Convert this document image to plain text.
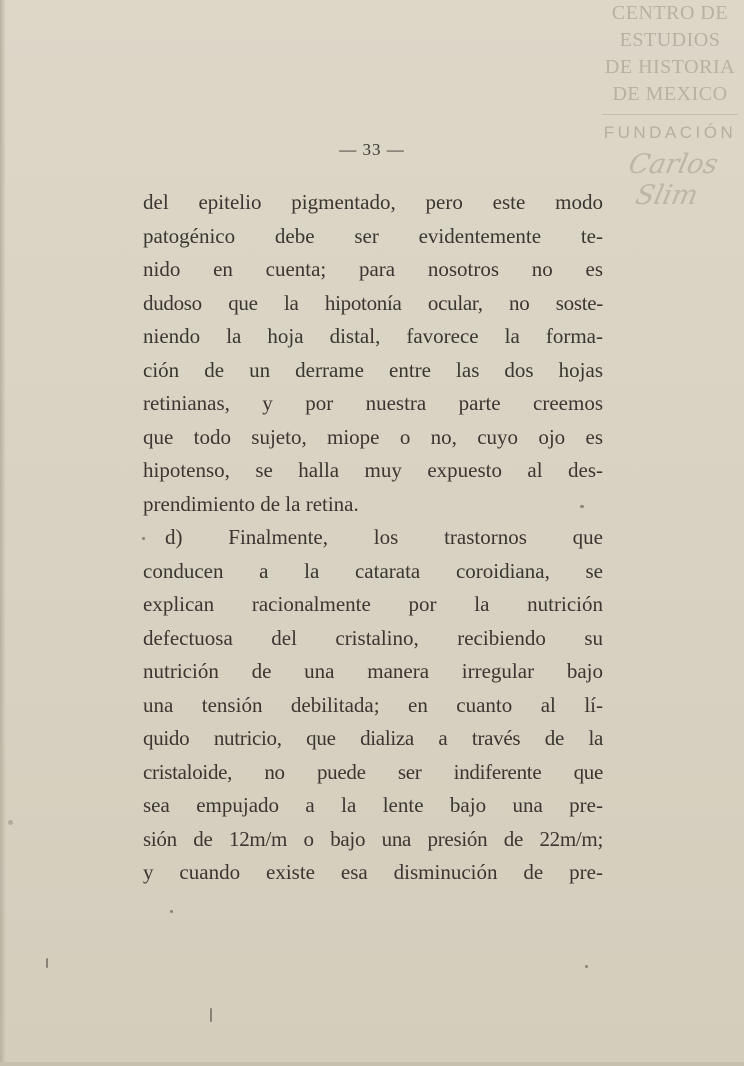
CENTRO DE
ESTUDIOS
DE HISTORIA
DE MEXICO
FUNDACIÓN
Carlos Slim
— 33 —
del epitelio pigmentado, pero este modo
patogénico debe ser evidentemente te-
nido en cuenta; para nosotros no es
dudoso que la hipotonía ocular, no soste-
niendo la hoja distal, favorece la forma-
ción de un derrame entre las dos hojas
retinianas, y por nuestra parte creemos
que todo sujeto, miope o no, cuyo ojo es
hipotenso, se halla muy expuesto al des-
prendimiento de la retina.
d) Finalmente, los trastornos que
conducen a la catarata coroidiana, se
explican racionalmente por la nutrición
defectuosa del cristalino, recibiendo su
nutrición de una manera irregular bajo
una tensión debilitada; en cuanto al lí-
quido nutricio, que dializa a través de la
cristaloide, no puede ser indiferente que
sea empujado a la lente bajo una pre-
sión de 12m/m o bajo una presión de 22m/m;
y cuando existe esa disminución de pre-
